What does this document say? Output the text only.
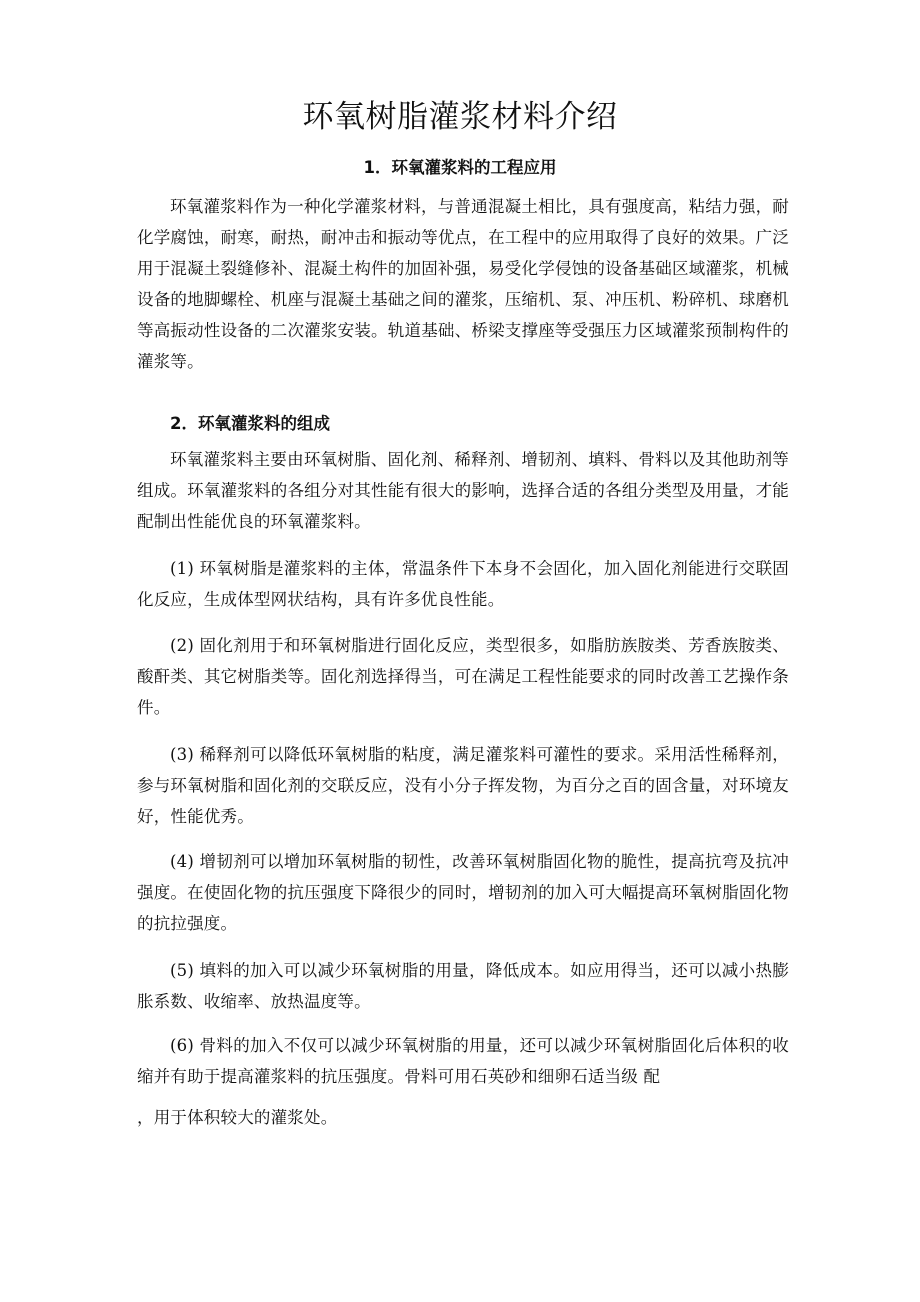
环氧树脂灌浆材料介绍
1．环氧灌浆料的工程应用
环氧灌浆料作为一种化学灌浆材料，与普通混凝土相比，具有强度高，粘结力强，耐化学腐蚀，耐寒，耐热，耐冲击和振动等优点，在工程中的应用取得了良好的效果。广泛用于混凝土裂缝修补、混凝土构件的加固补强，易受化学侵蚀的设备基础区域灌浆，机械设备的地脚螺栓、机座与混凝土基础之间的灌浆，压缩机、泵、冲压机、粉碎机、球磨机等高振动性设备的二次灌浆安装。轨道基础、桥梁支撑座等受强压力区域灌浆预制构件的灌浆等。
2．环氧灌浆料的组成
环氧灌浆料主要由环氧树脂、固化剂、稀释剂、增韧剂、填料、骨料以及其他助剂等组成。环氧灌浆料的各组分对其性能有很大的影响，选择合适的各组分类型及用量，才能配制出性能优良的环氧灌浆料。
(1) 环氧树脂是灌浆料的主体，常温条件下本身不会固化，加入固化剂能进行交联固化反应，生成体型网状结构，具有许多优良性能。
(2) 固化剂用于和环氧树脂进行固化反应，类型很多，如脂肪族胺类、芳香族胺类、酸酐类、其它树脂类等。固化剂选择得当，可在满足工程性能要求的同时改善工艺操作条件。
(3) 稀释剂可以降低环氧树脂的粘度，满足灌浆料可灌性的要求。采用活性稀释剂，参与环氧树脂和固化剂的交联反应，没有小分子挥发物，为百分之百的固含量，对环境友好，性能优秀。
(4) 增韧剂可以增加环氧树脂的韧性，改善环氧树脂固化物的脆性，提高抗弯及抗冲强度。在使固化物的抗压强度下降很少的同时，增韧剂的加入可大幅提高环氧树脂固化物的抗拉强度。
(5) 填料的加入可以减少环氧树脂的用量，降低成本。如应用得当，还可以减小热膨胀系数、收缩率、放热温度等。
(6) 骨料的加入不仅可以减少环氧树脂的用量，还可以减少环氧树脂固化后体积的收缩并有助于提高灌浆料的抗压强度。骨料可用石英砂和细卵石适当级 配
，用于体积较大的灌浆处。
